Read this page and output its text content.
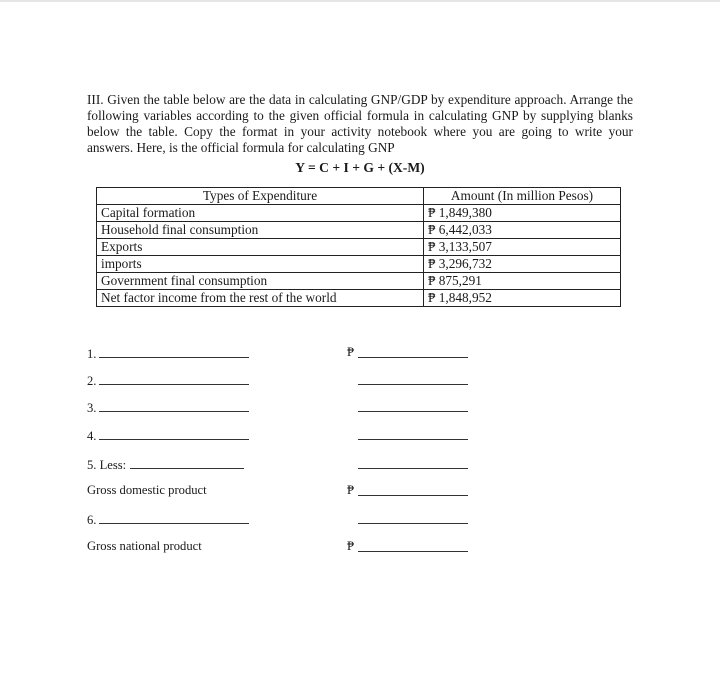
III. Given the table below are the data in calculating GNP/GDP by expenditure approach. Arrange the following variables according to the given official formula in calculating GNP by supplying blanks below the table. Copy the format in your activity notebook where you are going to write your answers. Here, is the official formula for calculating GNP
Y = C + I + G + (X-M)
Types of Expenditure	Amount (In million Pesos)
Capital formation	₱ 1,849,380
Household final consumption	₱ 6,442,033
Exports	₱ 3,133,507
imports	₱ 3,296,732
Government final consumption	₱ 875,291
Net factor income from the rest of the world	₱ 1,848,952
1.	₱
2.
3.
4.
5. Less:
Gross domestic product	₱
6.
Gross national product	₱
